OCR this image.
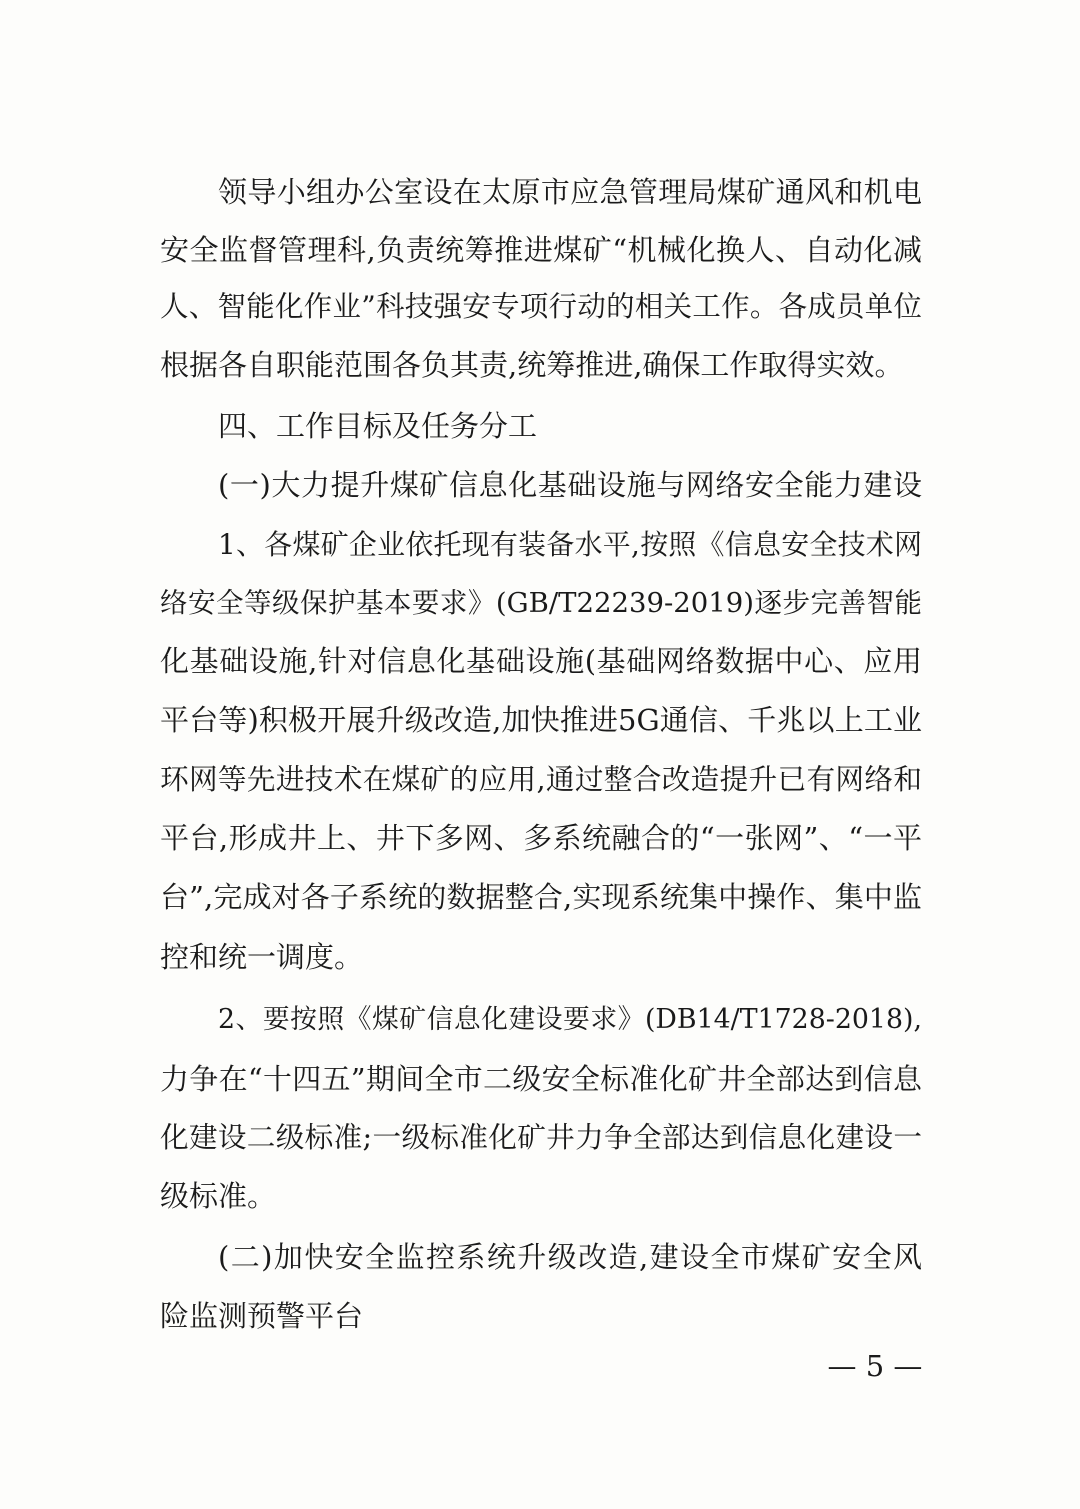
领导小组办公室设在太原市应急管理局煤矿通风和机电
安全监督管理科,负责统筹推进煤矿“机械化换人、自动化减
人、智能化作业”科技强安专项行动的相关工作。各成员单位
根据各自职能范围各负其责,统筹推进,确保工作取得实效。
四、工作目标及任务分工
(一)大力提升煤矿信息化基础设施与网络安全能力建设
1、各煤矿企业依托现有装备水平,按照《信息安全技术网
络安全等级保护基本要求》(GB/T22239-2019)逐步完善智能
化基础设施,针对信息化基础设施(基础网络数据中心、应用
平台等)积极开展升级改造,加快推进5G通信、千兆以上工业
环网等先进技术在煤矿的应用,通过整合改造提升已有网络和
平台,形成井上、井下多网、多系统融合的“一张网”、“一平
台”,完成对各子系统的数据整合,实现系统集中操作、集中监
控和统一调度。
2、要按照《煤矿信息化建设要求》(DB14/T1728-2018),
力争在“十四五”期间全市二级安全标准化矿井全部达到信息
化建设二级标准;一级标准化矿井力争全部达到信息化建设一
级标准。
(二)加快安全监控系统升级改造,建设全市煤矿安全风
险监测预警平台
— 5 —
